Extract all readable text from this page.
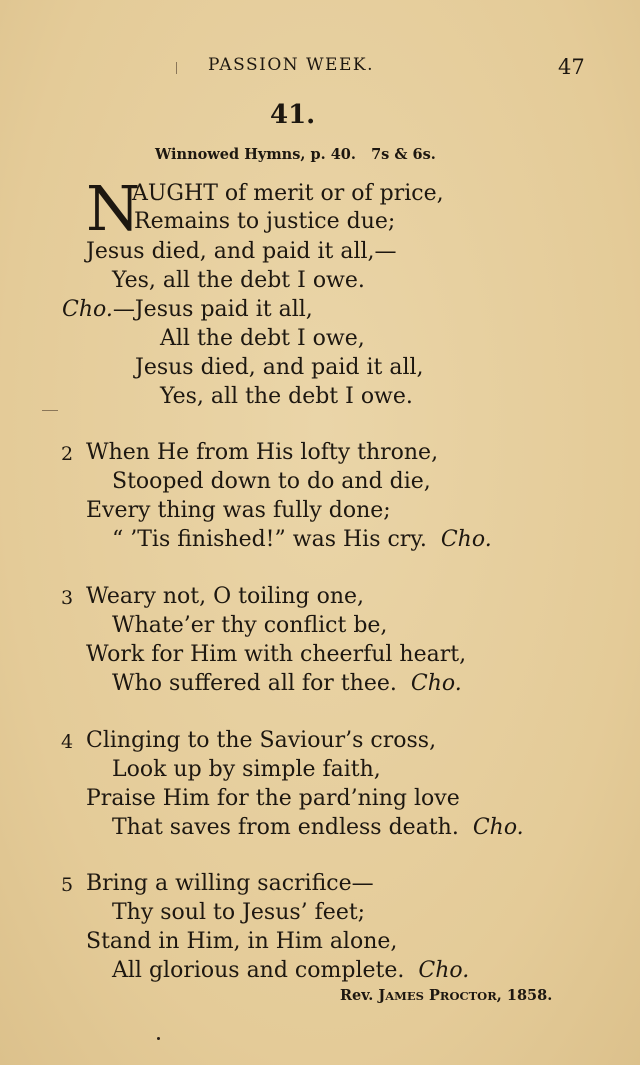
PASSION WEEK.	47
41.
Winnowed Hymns, p. 40. 7s & 6s.
N
AUGHT of merit or of price,
Remains to justice due;
Jesus died, and paid it all,—
Yes, all the debt I owe.
Cho.—Jesus paid it all,
All the debt I owe,
Jesus died, and paid it all,
Yes, all the debt I owe.
2 When He from His lofty throne,
Stooped down to do and die,
Every thing was fully done;
“ ’Tis finished!” was His cry. Cho.
3 Weary not, O toiling one,
Whate’er thy conflict be,
Work for Him with cheerful heart,
Who suffered all for thee. Cho.
4 Clinging to the Saviour’s cross,
Look up by simple faith,
Praise Him for the pard’ning love
That saves from endless death. Cho.
5 Bring a willing sacrifice—
Thy soul to Jesus’ feet;
Stand in Him, in Him alone,
All glorious and complete. Cho.
Rev. JAMES PROCTOR, 1858.
